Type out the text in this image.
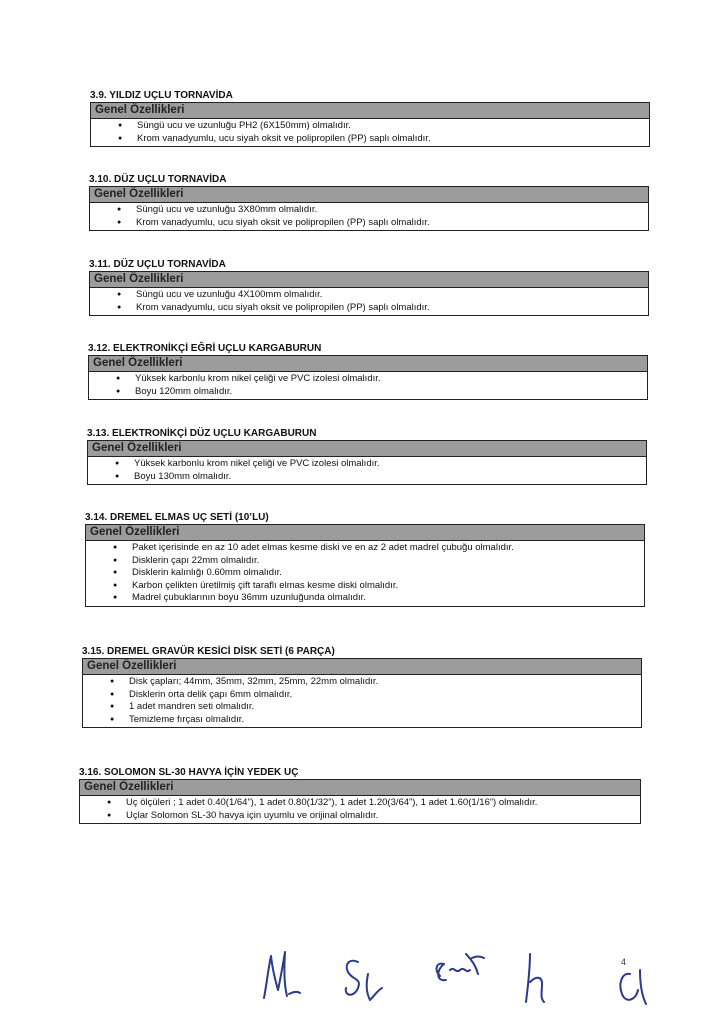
3.9. YILDIZ UÇLU TORNAVİDA
Genel Özellikleri
● Süngü ucu ve uzunluğu PH2 (6X150mm) olmalıdır.
● Krom vanadyumlu, ucu siyah oksit ve polipropilen (PP) saplı olmalıdır.
3.10. DÜZ UÇLU TORNAVİDA
Genel Özellikleri
● Süngü ucu ve uzunluğu 3X80mm olmalıdır.
● Krom vanadyumlu, ucu siyah oksit ve polipropilen (PP) saplı olmalıdır.
3.11. DÜZ UÇLU TORNAVİDA
Genel Özellikleri
● Süngü ucu ve uzunluğu 4X100mm olmalıdır.
● Krom vanadyumlu, ucu siyah oksit ve polipropilen (PP) saplı olmalıdır.
3.12. ELEKTRONİKÇİ EĞRİ UÇLU KARGABURUN
Genel Özellikleri
● Yüksek karbonlu krom nikel çeliği ve PVC izolesi olmalıdır.
● Boyu 120mm olmalıdır.
3.13. ELEKTRONİKÇİ DÜZ UÇLU KARGABURUN
Genel Özellikleri
● Yüksek karbonlu krom nikel çeliği ve PVC izolesi olmalıdır.
● Boyu 130mm olmalıdır.
3.14. DREMEL ELMAS UÇ SETİ (10’LU)
Genel Özellikleri
● Paket içerisinde en az 10 adet elmas kesme diski ve en az 2 adet madrel çubuğu olmalıdır.
● Disklerin çapı 22mm olmalıdır.
● Disklerin kalınlığı 0.60mm olmalıdır.
● Karbon çelikten üretilmiş çift taraflı elmas kesme diski olmalıdır.
● Madrel çubuklarının boyu 36mm uzunluğunda olmalıdır.
3.15. DREMEL GRAVÜR KESİCİ DİSK SETİ (6 PARÇA)
Genel Özellikleri
● Disk çapları; 44mm, 35mm, 32mm, 25mm, 22mm olmalıdır.
● Disklerin orta delik çapı 6mm olmalıdır.
● 1 adet mandren seti olmalıdır.
● Temizleme fırçası olmalıdır.
3.16. SOLOMON SL-30 HAVYA İÇİN YEDEK UÇ
Genel Özellikleri
● Uç ölçüleri ; 1 adet 0.40(1/64”), 1 adet 0.80(1/32”), 1 adet 1.20(3/64”), 1 adet 1.60(1/16”) olmalıdır.
● Uçlar Solomon SL-30 havya için uyumlu ve orijinal olmalıdır.
4
